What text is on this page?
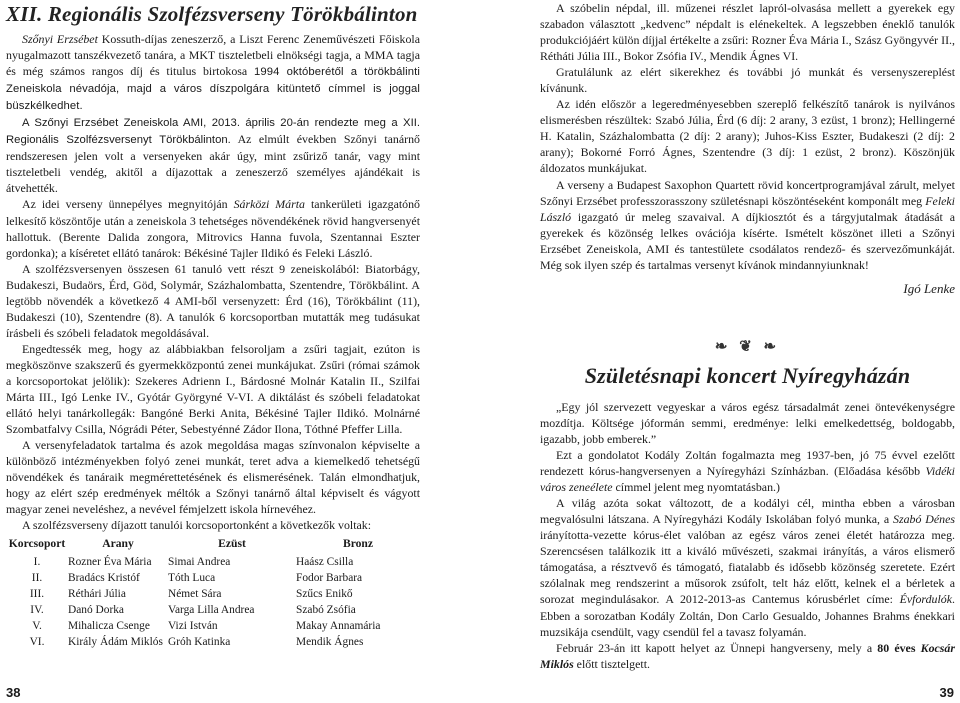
XII. Regionális Szolfézsverseny Törökbálinton

Szőnyi Erzsébet Kossuth-díjas zeneszerző, a Liszt Ferenc Zeneművészeti Főiskola nyugalmazott tanszékvezető tanára, a MKT tiszteletbeli elnökségi tagja, a MMA tagja és még számos rangos díj és titulus birtokosa 1994 októberétől a törökbálinti Zeneiskola névadója, majd a város díszpolgára kitüntető címmel is joggal büszkélkedhet.

A Szőnyi Erzsébet Zeneiskola AMI, 2013. április 20-án rendezte meg a XII. Regionális Szolfézsversenyt Törökbálinton. Az elmúlt években Szőnyi tanárnő rendszeresen jelen volt a versenyeken akár úgy, mint zsűriző tanár, vagy mint tiszteletbeli vendég, akitől a díjazottak a zeneszerző személyes ajándékait is átvehették.

Az idei verseny ünnepélyes megnyitóján Sárközi Márta tankerületi igazgatónő lelkesítő köszöntője után a zeneiskola 3 tehetséges növendékének rövid hangversenyét hallottuk. (Berente Dalida zongora, Mitrovics Hanna fuvola, Szentannai Eszter gordonka); a kíséretet ellátó tanárok: Békésiné Tajler Ildikó és Feleki László.

A szolfézsversenyen összesen 61 tanuló vett részt 9 zeneiskolából: Biatorbágy, Budakeszi, Budaörs, Érd, Göd, Solymár, Százhalombatta, Szentendre, Törökbálint. A legtöbb növendék a következő 4 AMI-ből versenyzett: Érd (16), Törökbálint (11), Budakeszi (10), Szentendre (8). A tanulók 6 korcsoportban mutatták meg tudásukat írásbeli és szóbeli feladatok megoldásával.

Engedtessék meg, hogy az alábbiakban felsoroljam a zsűri tagjait, ezúton is megköszönve szakszerű és gyermekközpontú zenei munkájukat. Zsűri (római számok a korcsoportokat jelölik): Szekeres Adrienn I., Bárdosné Molnár Katalin II., Szilfai Márta III., Igó Lenke IV., Gyótár Györgyné V-VI. A diktálást és szóbeli feladatokat ellátó helyi tanárkollegák: Bangóné Berki Anita, Békésiné Tajler Ildikó. Molnárné Szombatfalvy Csilla, Nógrádi Péter, Sebestyénné Zádor Ilona, Tóthné Pfeffer Lilla.

A versenyfeladatok tartalma és azok megoldása magas színvonalon képviselte a különböző intézményekben folyó zenei munkát, teret adva a kiemelkedő tehetségű növendékek és tanáraik megmérettetésének és elismerésének. Talán elmondhatjuk, hogy az elért szép eredmények méltók a Szőnyi tanárnő által képviselt és vágyott magyar zenei neveléshez, a nevével fémjelzett iskola hírnevéhez.

A szolfézsverseny díjazott tanulói korcsoportonként a következők voltak:

Korcsoport	Arany	Ezüst	Bronz
I.	Rozner Éva Mária	Simai Andrea	Haász Csilla
II.	Bradács Kristóf	Tóth Luca	Fodor Barbara
III.	Réthári Júlia	Német Sára	Szűcs Enikő
IV.	Danó Dorka	Varga Lilla Andrea	Szabó Zsófia
V.	Mihalicza Csenge	Vizi István	Makay Annamária
VI.	Király Ádám Miklós	Gróh Katinka	Mendik Ágnes

A szóbelin népdal, ill. műzenei részlet lapról-olvasása mellett a gyerekek egy szabadon választott „kedvenc” népdalt is elénekeltek. A legszebben éneklő tanulók produkciójáért külön díjjal értékelte a zsűri: Rozner Éva Mária I., Szász Gyöngyvér II., Rétháti Júlia III., Bokor Zsófia IV., Mendik Ágnes VI.

Gratulálunk az elért sikerekhez és további jó munkát és versenyszereplést kívánunk.

Az idén először a legeredményesebben szereplő felkészítő tanárok is nyilvános elismerésben részültek: Szabó Júlia, Érd (6 díj: 2 arany, 3 ezüst, 1 bronz); Hellingerné H. Katalin, Százhalombatta (2 díj: 2 arany); Juhos-Kiss Eszter, Budakeszi (2 díj: 2 arany); Bokorné Forró Ágnes, Szentendre (3 díj: 1 ezüst, 2 bronz). Köszönjük áldozatos munkájukat.

A verseny a Budapest Saxophon Quartett rövid koncertprogramjával zárult, melyet Szőnyi Erzsébet professzorasszony születésnapi köszöntéseként komponált meg Feleki László igazgató úr meleg szavaival. A díjkiosztót és a tárgyjutalmak átadását a gyerekek és közönség lelkes ovációja kísérte. Ismételt köszönet illeti a Szőnyi Erzsébet Zeneiskola, AMI és tantestülete csodálatos rendező- és szervezőmunkáját. Még sok ilyen szép és tartalmas versenyt kívánok mindannyiunknak!

Igó Lenke
❧ ❦ ❧
Születésnapi koncert Nyíregyházán

„Egy jól szervezett vegyeskar a város egész társadalmát zenei öntevékenységre mozdítja. Költségе jóformán semmi, eredménye: lelki emelkedettség, boldogabb, igazabb, jobb emberek.”

Ezt a gondolatot Kodály Zoltán fogalmazta meg 1937-ben, jó 75 évvel ezelőtt rendezett kórus-hangversenyen a Nyíregyházi Színházban. (Előadása később Vidéki város zeneélete címmel jelent meg nyomtatásban.)

A világ azóta sokat változott, de a kodályi cél, mintha ebben a városban megvalósulni látszana. A Nyíregyházi Kodály Iskolában folyó munka, a Szabó Dénes irányította-vezette kórus-élet valóban az egész város zenei életét határozza meg. Szerencsésen találkozik itt a kiváló művészeti, szakmai irányítás, a város elismerő támogatása, a résztvevő és támogató, fiatalabb és idősebb közönség szeretete. Ezért szólalnak meg rendszerint a műsorok zsúfolt, telt ház előtt, kelnek el a bérletek a sorozat megindulásakor. A 2012-2013-as Cantemus kórusbérlet címe: Évfordulók. Ebben a sorozatban Kodály Zoltán, Don Carlo Gesualdo, Johannes Brahms énekkari muzsikája csendült, vagy csendül fel a tavasz folyamán.

Február 23-án itt kapott helyet az Ünnepi hangverseny, mely a 80 éves Kocsár Miklós előtt tisztelgett.

38	39
